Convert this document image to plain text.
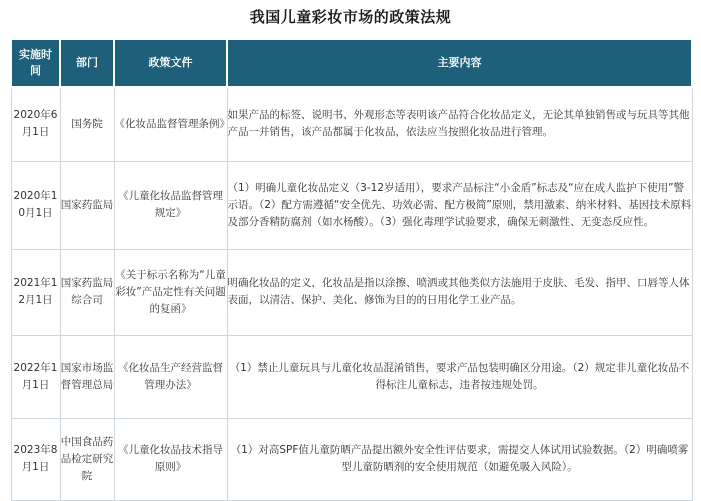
我国儿童彩妆市场的政策法规
实施时间	部门	政策文件	主要内容
2020年6月1日	国务院	《化妆品监督管理条例》	如果产品的标签、说明书、外观形态等表明该产品符合化妆品定义，无论其单独销售或与玩具等其他产品一并销售，该产品都属于化妆品，依法应当按照化妆品进行管理。
2020年10月1日	国家药监局	《儿童化妆品监督管理规定》	（1）明确儿童化妆品定义（3-12岁适用），要求产品标注“小金盾”标志及“应在成人监护下使用”警示语。（2）配方需遵循“安全优先、功效必需、配方极简”原则，禁用激素、纳米材料、基因技术原料及部分香精防腐剂（如水杨酸）。（3）强化毒理学试验要求，确保无刺激性、无变态反应性。
2021年12月1日	国家药监局综合司	《关于标示名称为“儿童彩妆”产品定性有关问题的复函》	明确化妆品的定义，化妆品是指以涂擦、喷洒或其他类似方法施用于皮肤、毛发、指甲、口唇等人体表面，以清洁、保护、美化、修饰为目的的日用化学工业产品。
2022年1月1日	国家市场监督管理总局	《化妆品生产经营监督管理办法》	（1）禁止儿童玩具与儿童化妆品混淆销售，要求产品包装明确区分用途。（2）规定非儿童化妆品不得标注儿童标志，违者按违规处罚。
2023年8月1日	中国食品药品检定研究院	《儿童化妆品技术指导原则》	（1）对高SPF值儿童防晒产品提出额外安全性评估要求，需提交人体试用试验数据。（2）明确喷雾型儿童防晒剂的安全使用规范（如避免吸入风险）。
